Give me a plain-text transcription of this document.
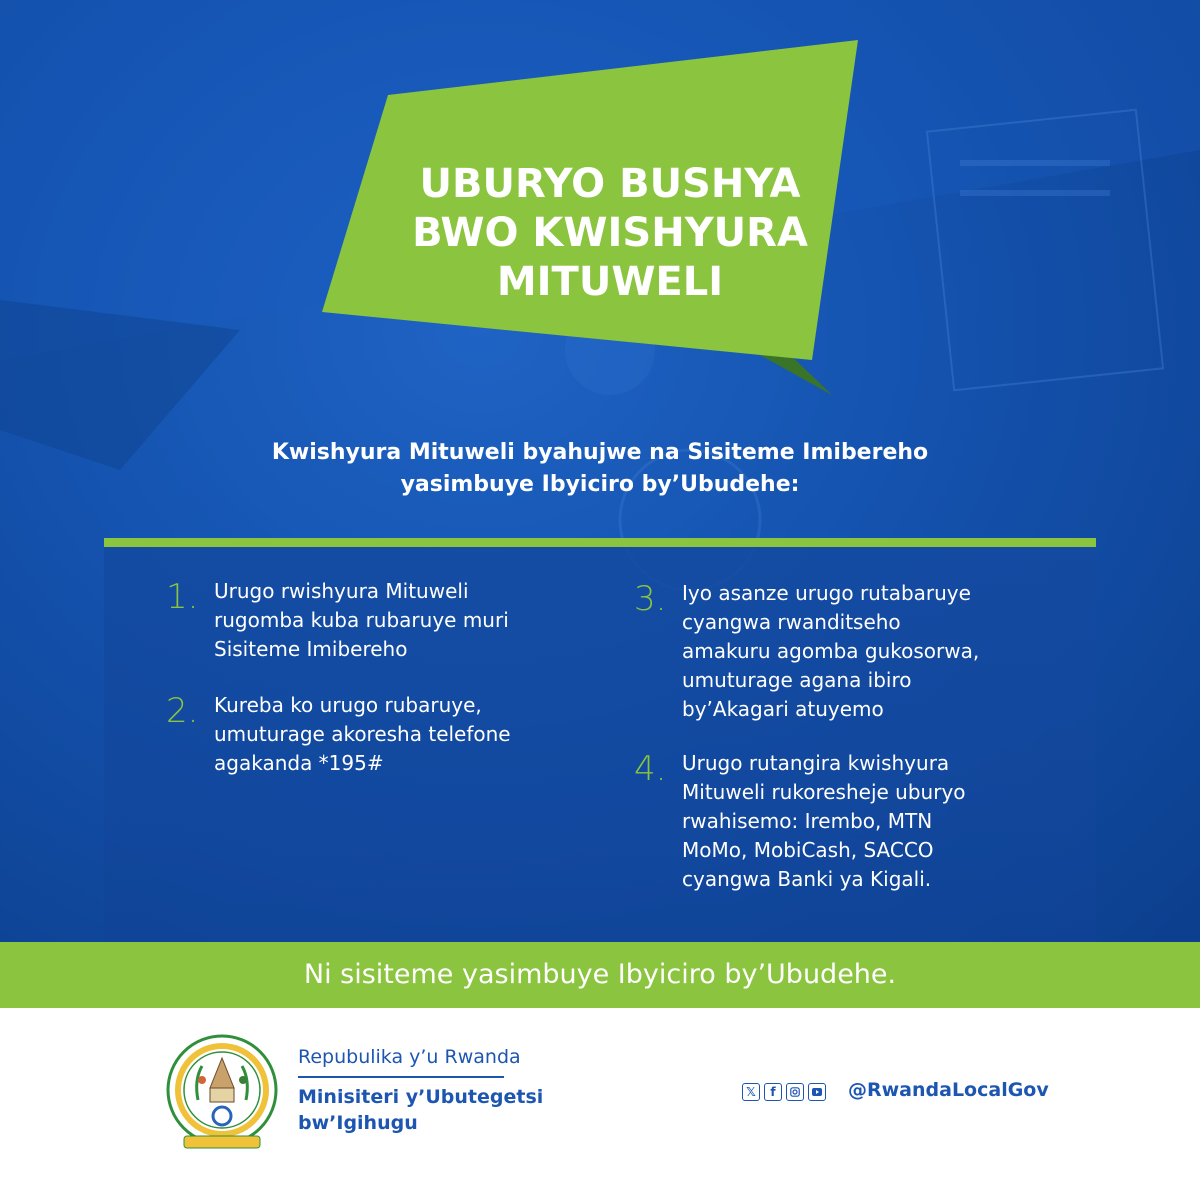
UBURYO BUSHYA
BWO KWISHYURA
MITUWELI

Kwishyura Mituweli byahujwe na Sisiteme Imibereho
yasimbuye Ibyiciro by’Ubudehe:

1. Urugo rwishyura Mituweli
rugomba kuba rubaruye muri
Sisiteme Imibereho
2. Kureba ko urugo rubaruye,
umuturage akoresha telefone
agakanda *195#
3. Iyo asanze urugo rutabaruye
cyangwa rwanditseho
amakuru agomba gukosorwa,
umuturage agana ibiro
by’Akagari atuyemo
4. Urugo rutangira kwishyura
Mituweli rukoresheje uburyo
rwahisemo: Irembo, MTN
MoMo, MobiCash, SACCO
cyangwa Banki ya Kigali.
Ni sisiteme yasimbuye Ibyiciro by’Ubudehe.
Repubulika y’u Rwanda
Minisiteri y’Ubutegetsi
bw’Igihugu
𝕏	f	@RwandaLocalGov
